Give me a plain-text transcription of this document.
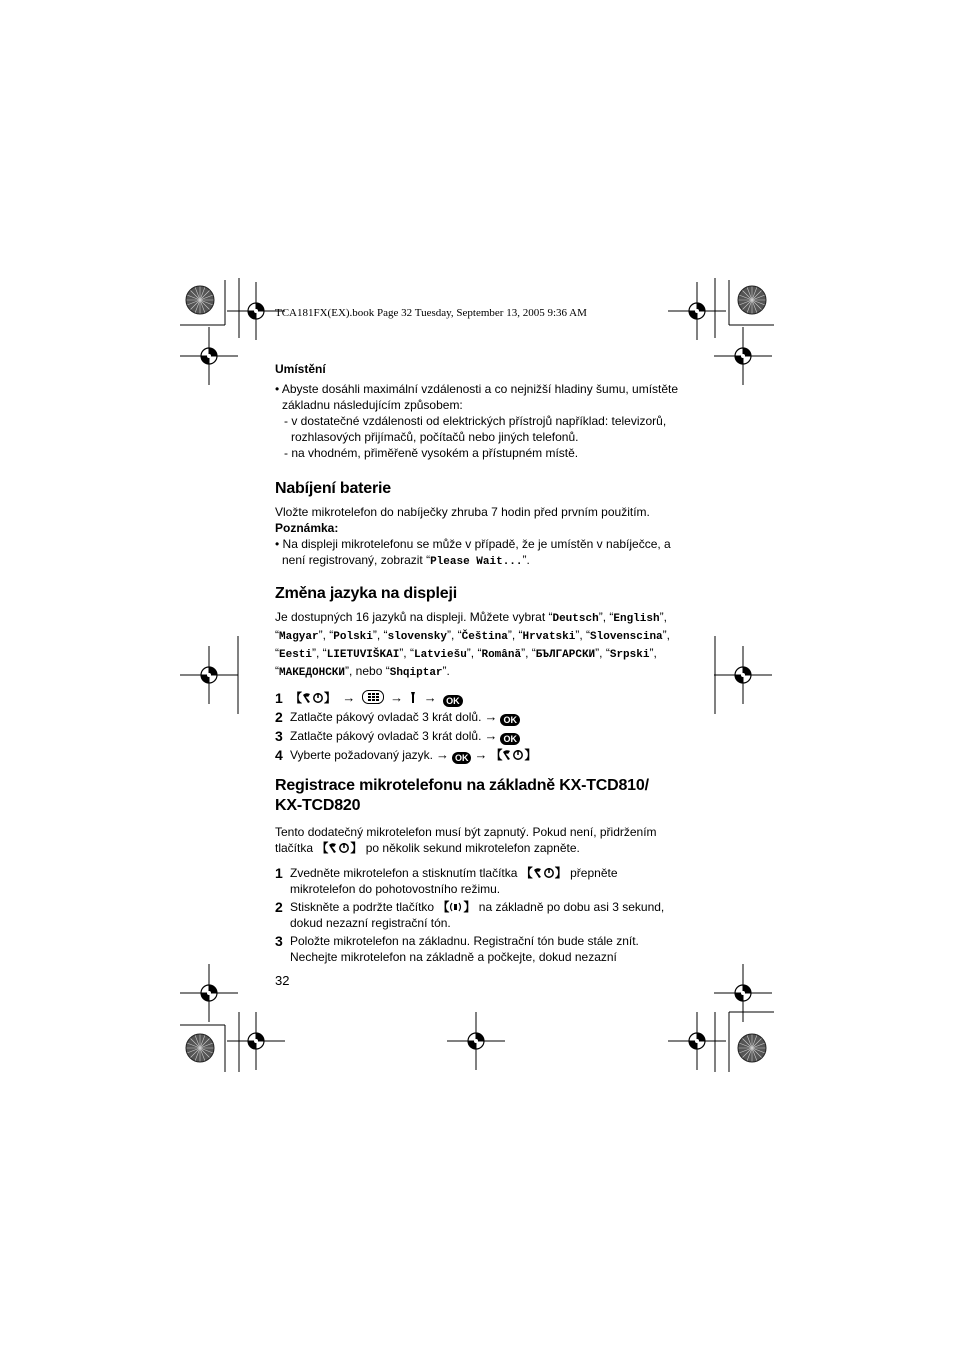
TCA181FX(EX).book Page 32 Tuesday, September 13, 2005 9:36 AM
Umístění
• Abyste dosáhli maximální vzdálenosti a co nejnižší hladiny šumu, umístěte základnu následujícím způsobem:
- v dostatečné vzdálenosti od elektrických přístrojů například: televizorů, rozhlasových přijímačů, počítačů nebo jiných telefonů.
- na vhodném, přiměřeně vysokém a přístupném místě.
Nabíjení baterie
Vložte mikrotelefon do nabíječky zhruba 7 hodin před prvním použitím.
Poznámka:
• Na displeji mikrotelefonu se může v případě, že je umístěn v nabíječce, a není registrovaný, zobrazit “Please Wait...”.
Změna jazyka na displeji
Je dostupných 16 jazyků na displeji. Můžete vybrat “Deutsch”, “English”, “Magyar”, “Polski”, “slovensky”, “Čeština”, “Hrvatski”, “Slovenscina”, “Eesti”, “LIETUVIŠKAI”, “Latviešu”, “Română”, “БЪЛГАРСКИ”, “Srpski”, “МАКЕДОНСКИ”, nebo “Shqiptar”.
1 【 】 →	→ → OK
2 Zatlačte pákový ovladač 3 krát dolů. → OK
3 Zatlačte pákový ovladač 3 krát dolů. → OK
4 Vyberte požadovaný jazyk. → OK → 【 】
Registrace mikrotelefonu na základně KX-TCD810/
KX-TCD820
Tento dodatečný mikrotelefon musí být zapnutý. Pokud není, přidržením tlačítka 【 】 po několik sekund mikrotelefon zapněte.
1 Zvedněte mikrotelefon a stisknutím tlačítka 【 】 přepněte mikrotelefon do pohotovostního režimu.
2 Stiskněte a podržte tlačítko 【 】 na základně po dobu asi 3 sekund, dokud nezazní registrační tón.
3 Položte mikrotelefon na základnu. Registrační tón bude stále znít. Nechejte mikrotelefon na základně a počkejte, dokud nezazní
32
